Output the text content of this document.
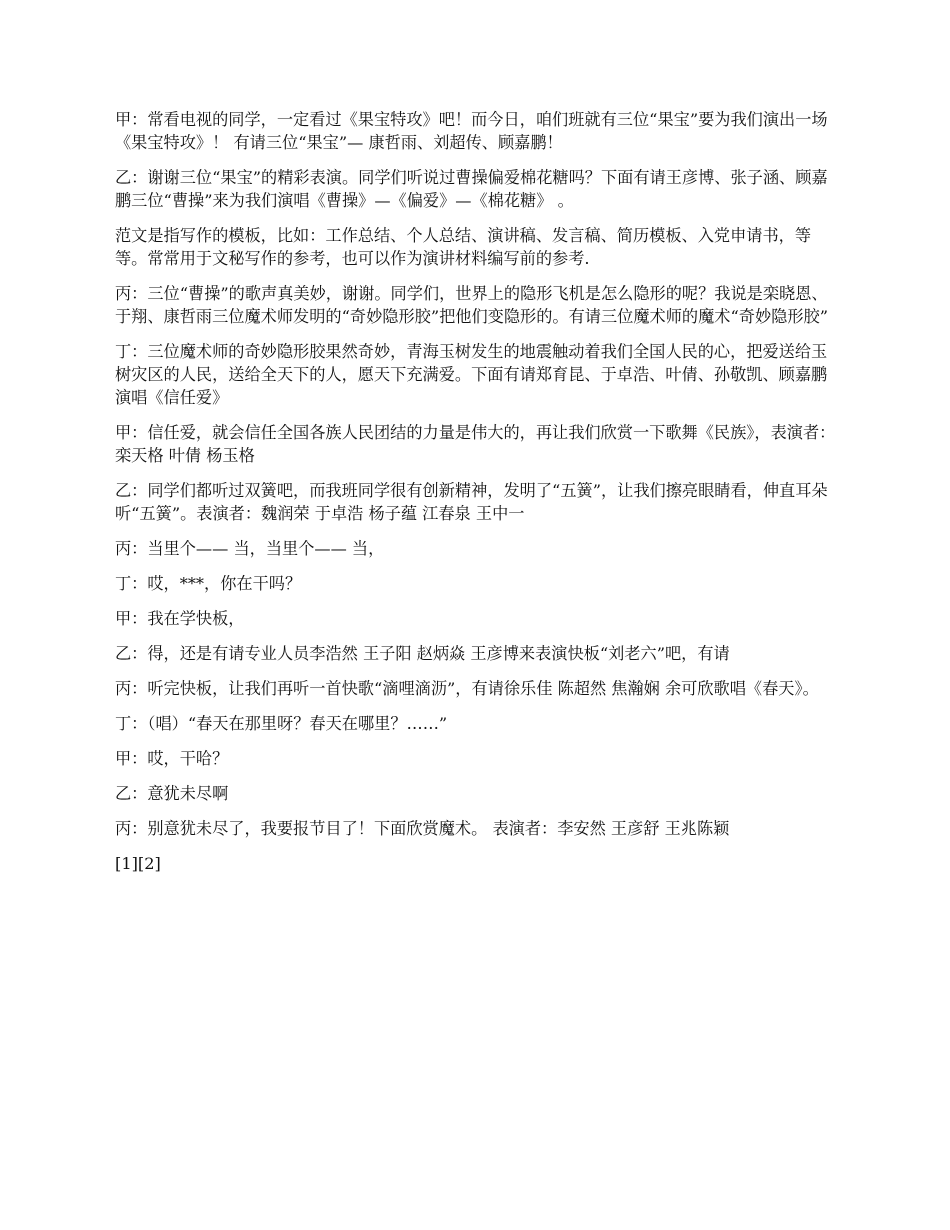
甲：常看电视的同学，一定看过《果宝特攻》吧！而今日，咱们班就有三位“果宝”要为我们演出一场《果宝特攻》！ 有请三位“果宝”— 康哲雨、刘超传、顾嘉鹏！

乙：谢谢三位“果宝”的精彩表演。同学们听说过曹操偏爱棉花糖吗？下面有请王彦博、张子涵、顾嘉鹏三位“曹操”来为我们演唱《曹操》—《偏爱》—《棉花糖》 。

范文是指写作的模板，比如：工作总结、个人总结、演讲稿、发言稿、简历模板、入党申请书，等等。常常用于文秘写作的参考，也可以作为演讲材料编写前的参考.

丙：三位“曹操”的歌声真美妙，谢谢。同学们，世界上的隐形飞机是怎么隐形的呢？我说是栾晓恩、于翔、康哲雨三位魔术师发明的“奇妙隐形胶”把他们变隐形的。有请三位魔术师的魔术“奇妙隐形胶”

丁：三位魔术师的奇妙隐形胶果然奇妙，青海玉树发生的地震触动着我们全国人民的心，把爱送给玉树灾区的人民，送给全天下的人，愿天下充满爱。下面有请郑育昆、于卓浩、叶倩、孙敬凯、顾嘉鹏演唱《信任爱》

甲：信任爱，就会信任全国各族人民团结的力量是伟大的，再让我们欣赏一下歌舞《民族》，表演者：栾天格 叶倩 杨玉格

乙：同学们都听过双簧吧，而我班同学很有创新精神，发明了“五簧”，让我们擦亮眼睛看，伸直耳朵听“五簧”。表演者：魏润荣 于卓浩 杨子蕴 江春泉 王中一

丙：当里个—— 当，当里个—— 当，

丁：哎，***，你在干吗？

甲：我在学快板，

乙：得，还是有请专业人员李浩然 王子阳 赵炳焱 王彦博来表演快板“刘老六”吧，有请

丙：听完快板，让我们再听一首快歌“滴哩滴沥”，有请徐乐佳 陈超然 焦瀚娴 余可欣歌唱《春天》。

丁：（唱）“春天在那里呀？春天在哪里？……”

甲：哎，干哈？

乙：意犹未尽啊

丙：别意犹未尽了，我要报节目了！下面欣赏魔术。 表演者：李安然 王彦舒 王兆陈颖

[1][2]
